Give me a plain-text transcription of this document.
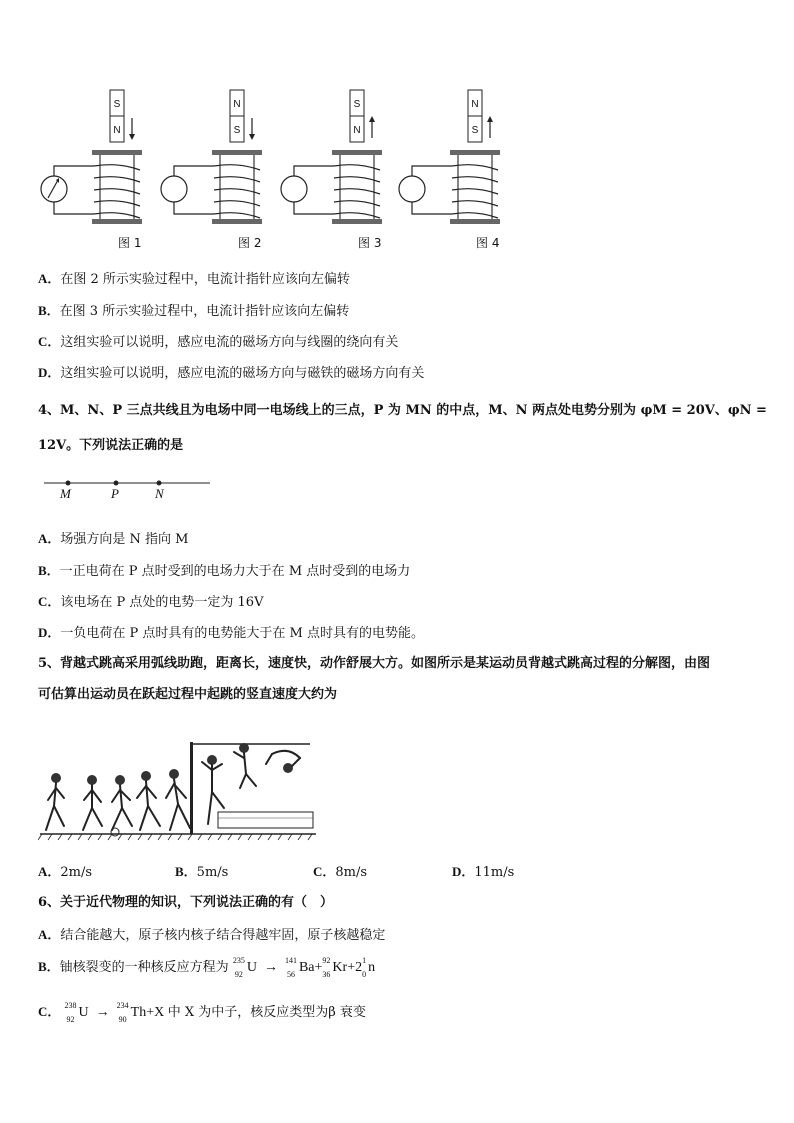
S
N
N
S
S
N
N
S
图 1	图 2	图 3	图 4
A．在图 2 所示实验过程中，电流计指针应该向左偏转
B．在图 3 所示实验过程中，电流计指针应该向左偏转
C．这组实验可以说明，感应电流的磁场方向与线圈的绕向有关
D．这组实验可以说明，感应电流的磁场方向与磁铁的磁场方向有关
4、M、N、P 三点共线且为电场中同一电场线上的三点，P 为 MN 的中点，M、N 两点处电势分别为 φM = 20V、φN =
12V。下列说法正确的是
M	P	N
A．场强方向是 N 指向 M
B．一正电荷在 P 点时受到的电场力大于在 M 点时受到的电场力
C．该电场在 P 点处的电势一定为 16V
D．一负电荷在 P 点时具有的电势能大于在 M 点时具有的电势能。
5、背越式跳高采用弧线助跑，距离长，速度快，动作舒展大方。如图所示是某运动员背越式跳高过程的分解图，由图
可估算出运动员在跃起过程中起跳的竖直速度大约为
A．2m/s	B．5m/s	C．8m/s	D．11m/s
6、关于近代物理的知识，下列说法正确的有（　）
A．结合能越大，原子核内核子结合得越牢固，原子核越稳定
B．铀核裂变的一种核反应方程为 235
92 U  → 141
56 Ba+ 92
36 Kr+2 1
0 n
C． 238
92 U  → 234
90 Th+X 中 X 为中子，核反应类型为β 衰变
